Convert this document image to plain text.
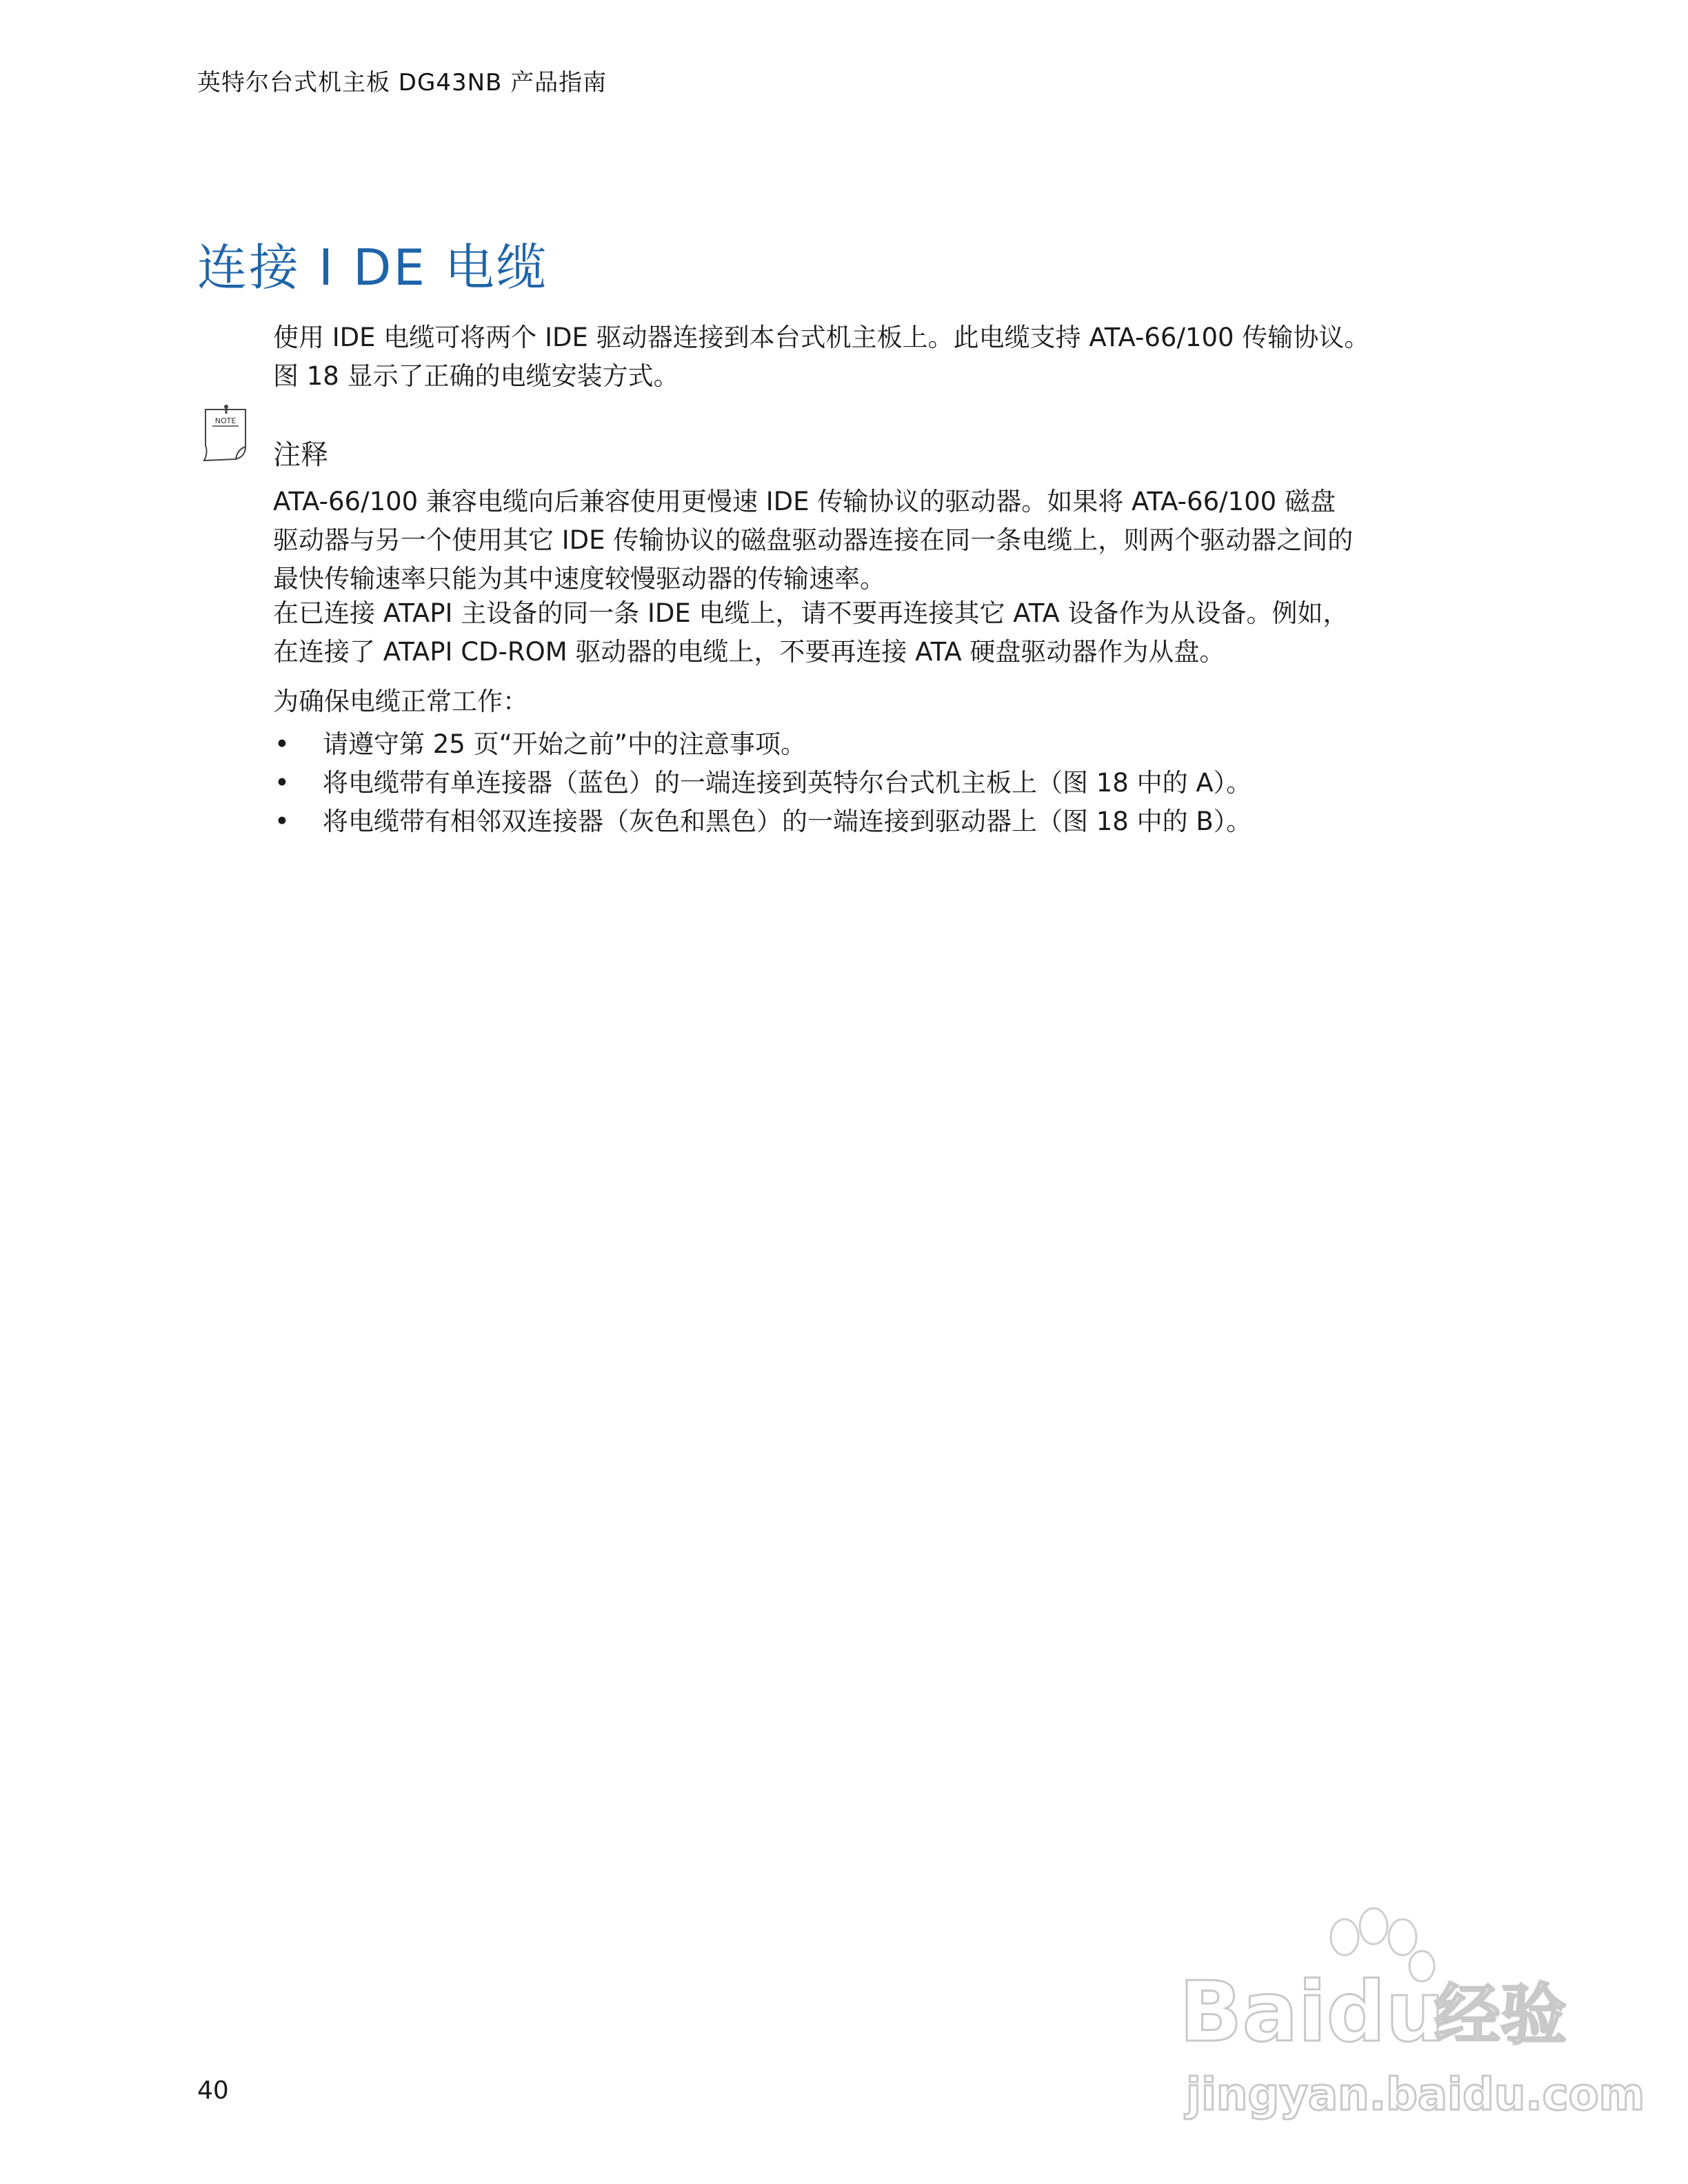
英特尔台式机主板 DG43NB 产品指南
连接 I DE 电缆
使用 IDE 电缆可将两个 IDE 驱动器连接到本台式机主板上。此电缆支持 ATA-66/100 传输协议。
图 18 显示了正确的电缆安装方式。
NOTE
注释
ATA-66/100 兼容电缆向后兼容使用更慢速 IDE 传输协议的驱动器。如果将 ATA-66/100 磁盘
驱动器与另一个使用其它 IDE 传输协议的磁盘驱动器连接在同一条电缆上，则两个驱动器之间的
最快传输速率只能为其中速度较慢驱动器的传输速率。
在已连接 ATAPI 主设备的同一条 IDE 电缆上，请不要再连接其它 ATA 设备作为从设备。例如，
在连接了 ATAPI CD-ROM 驱动器的电缆上，不要再连接 ATA 硬盘驱动器作为从盘。
为确保电缆正常工作：
• 请遵守第 25 页“开始之前”中的注意事项。
• 将电缆带有单连接器（蓝色）的一端连接到英特尔台式机主板上（图 18 中的 A）。
• 将电缆带有相邻双连接器（灰色和黑色）的一端连接到驱动器上（图 18 中的 B）。
40
Baidu
经验
jingyan.baidu.com
